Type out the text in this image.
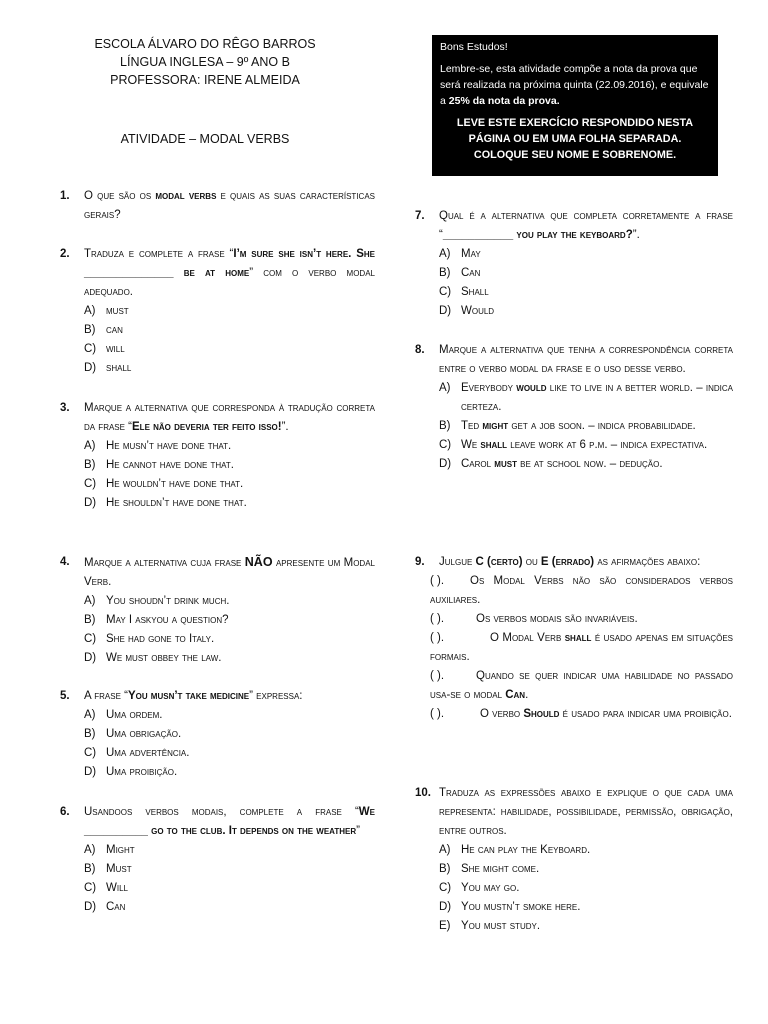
ESCOLA ÁLVARO DO RÊGO BARROS
LÍNGUA INGLESA – 9º ANO B
PROFESSORA: IRENE ALMEIDA
ATIVIDADE – MODAL VERBS

Bons Estudos!

Lembre-se, esta atividade compõe a nota da prova que será realizada na próxima quinta (22.09.2016), e equivale a 25% da nota da prova.

LEVE ESTE EXERCÍCIO RESPONDIDO NESTA PÁGINA OU EM UMA FOLHA SEPARADA. COLOQUE SEU NOME E SOBRENOME.

1. O que são os modal verbs e quais as suas características gerais?
2. Traduza e complete a frase “I’m sure she isn’t here. She ______________ be at home” com o verbo modal adequado.
A) must
B) can
C) will
D) shall
3. Marque a alternativa que corresponda à tradução correta da frase “Ele não deveria ter feito isso!”.
A) He musn’t have done that.
B) He cannot have done that.
C) He wouldn’t have done that.
D) He shouldn’t have done that.
4. Marque a alternativa cuja frase NÃO apresente um Modal Verb.
A) You shoudn’t drink much.
B) May I askyou a question?
C) She had gone to Italy.
D) We must obbey the law.
5. A frase “You musn’t take medicine” expressa:
A) Uma ordem.
B) Uma obrigação.
C) Uma advertência.
D) Uma proibição.
6. Usandoos verbos modais, complete a frase “We __________ go to the club. It depends on the weather”
A) Might
B) Must
C) Will
D) Can
7. Qual é a alternativa que completa corretamente a frase “___________ you play the keyboard?”.
A) May
B) Can
C) Shall
D) Would
8. Marque a alternativa que tenha a correspondência correta entre o verbo modal da frase e o uso desse verbo.
A) Everybody would like to live in a better world. – indica certeza.
B) Ted might get a job soon. – indica probabilidade.
C) We shall leave work at 6 p.m. – indica expectativa.
D) Carol must be at school now. – dedução.
9. Julgue C (certo) ou E (errado) as afirmações abaixo:
( ). Os Modal Verbs não são considerados verbos auxiliares.
( ).	Os verbos modais são invariáveis.
( ).	O Modal Verb shall é usado apenas em situações formais.
( ).	Quando se quer indicar uma habilidade no passado usa-se o modal Can.
( ).	O verbo Should é usado para indicar uma proibição.
10. Traduza as expressões abaixo e explique o que cada uma representa: habilidade, possibilidade, permissão, obrigação, entre outros.
A) He can play the Keyboard.
B) She might come.
C) You may go.
D) You mustn’t smoke here.
E) You must study.
